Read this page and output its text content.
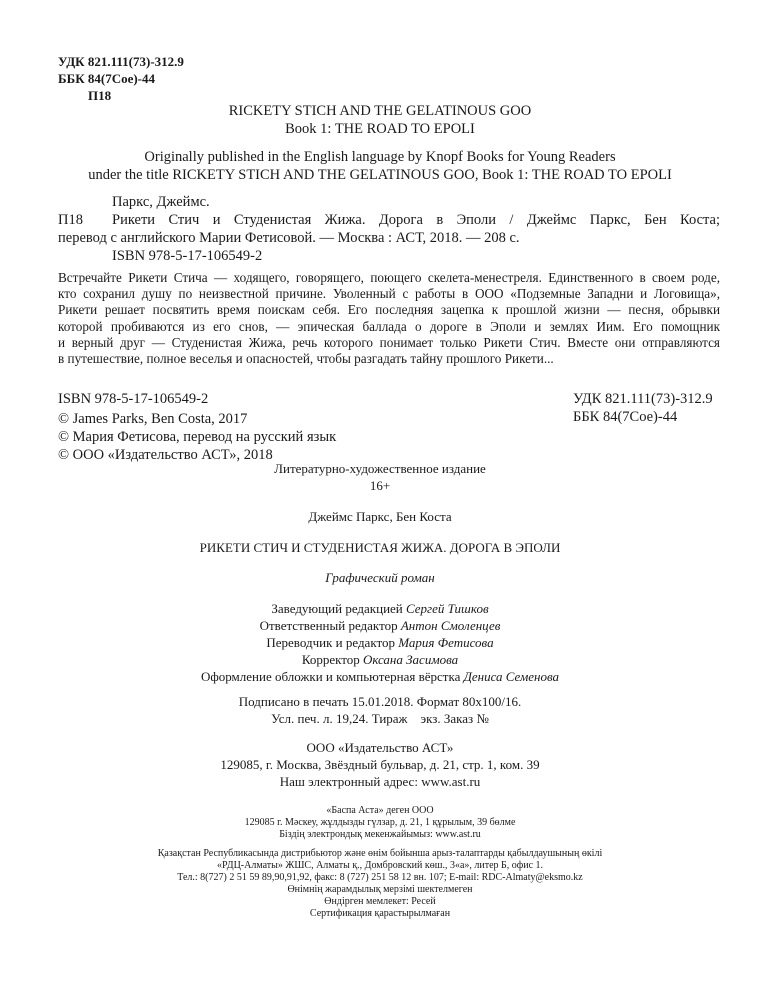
УДК 821.111(73)-312.9
ББК 84(7Сое)-44
П18
RICKETY STICH AND THE GELATINOUS GOO
Book 1: THE ROAD TO EPOLI
Originally published in the English language by Knopf Books for Young Readers
under the title RICKETY STICH AND THE GELATINOUS GOO, Book 1: THE ROAD TO EPOLI
Паркс, Джеймс.
П18 Рикети Стич и Студенистая Жижа. Дорога в Эполи / Джеймс Паркс, Бен Коста;
перевод с английского Марии Фетисовой. — Москва : АСТ, 2018. — 208 с.
ISBN 978-5-17-106549-2
Встречайте Рикети Стича — ходящего, говорящего, поющего скелета-менестреля. Единственного в своем роде,
кто сохранил душу по неизвестной причине. Уволенный с работы в ООО «Подземные Западни и Логовища»,
Рикети решает посвятить время поискам себя. Его последняя зацепка к прошлой жизни — песня, обрывки
которой пробиваются из его снов, — эпическая баллада о дороге в Эполи и землях Иим. Его помощник
и верный друг — Студенистая Жижа, речь которого понимает только Рикети Стич. Вместе они отправляются
в путешествие, полное веселья и опасностей, чтобы разгадать тайну прошлого Рикети...
ISBN 978-5-17-106549-2
© James Parks, Ben Costa, 2017
© Мария Фетисова, перевод на русский язык
© ООО «Издательство АСТ», 2018
УДК 821.111(73)-312.9
ББК 84(7Сое)-44
Литературно-художественное издание
16+
Джеймс Паркс, Бен Коста
РИКЕТИ СТИЧ И СТУДЕНИСТАЯ ЖИЖА. ДОРОГА В ЭПОЛИ
Графический роман
Заведующий редакцией Сергей Тишков
Ответственный редактор Антон Смоленцев
Переводчик и редактор Мария Фетисова
Корректор Оксана Засимова
Оформление обложки и компьютерная вёрстка Дениса Семенова
Подписано в печать 15.01.2018. Формат 80x100/16.
Усл. печ. л. 19,24. Тираж    экз. Заказ №
ООО «Издательство АСТ»
129085, г. Москва, Звёздный бульвар, д. 21, стр. 1, ком. 39
Наш электронный адрес: www.ast.ru
«Баспа Аста» деген ООО
129085 г. Мәскеу, жұлдызды гүлзар, д. 21, 1 құрылым, 39 бөлме
Біздің электрондық мекенжайымыз: www.ast.ru
Қазақстан Республикасында дистрибьютор және өнім бойынша арыз-талаптарды қабылдаушының өкілі
«РДЦ-Алматы» ЖШС, Алматы қ., Домбровский көш., 3«а», литер Б, офис 1.
Тел.: 8(727) 2 51 59 89,90,91,92, факс: 8 (727) 251 58 12 вн. 107; E-mail: RDC-Almaty@eksmo.kz
Өнімнің жарамдылық мерзімі шектелмеген
Өндірген мемлекет: Ресей
Сертификация қарастырылмаған
